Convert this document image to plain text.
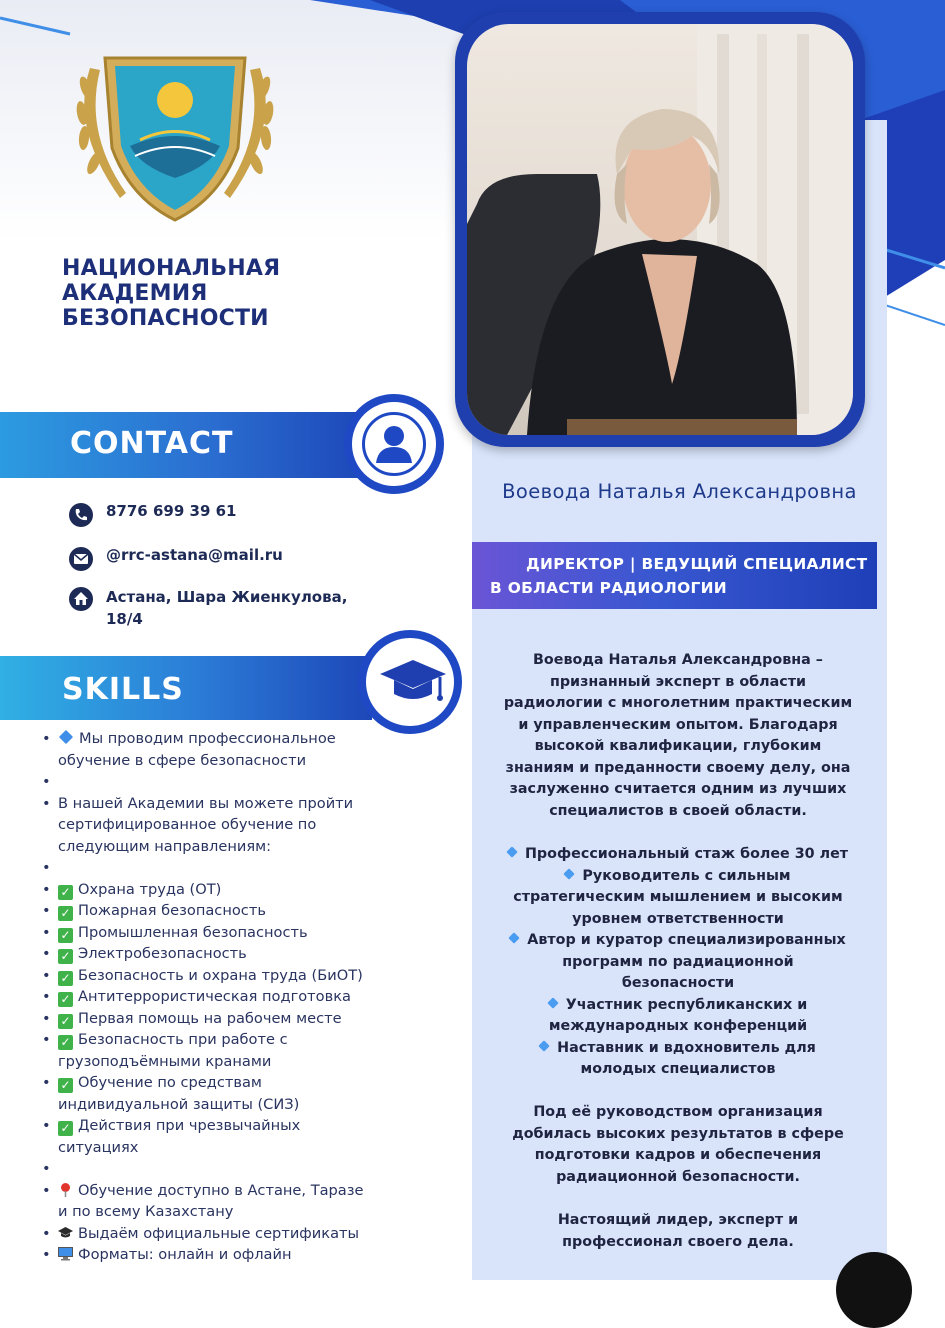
НАЦИОНАЛЬНАЯ
АКАДЕМИЯ
БЕЗОПАСНОСТИ
CONTACT
8776 699 39 61
@rrc-astana@mail.ru
Астана, Шара Жиенкулова,
18/4
SKILLS
• Мы проводим профессиональное
обучение в сфере безопасности
•
• В нашей Академии вы можете пройти
сертифицированное обучение по
следующим направлениям:
•
• ✓ Охрана труда (ОТ)
• ✓ Пожарная безопасность
• ✓ Промышленная безопасность
• ✓ Электробезопасность
• ✓ Безопасность и охрана труда (БиОТ)
• ✓ Антитеррористическая подготовка
• ✓ Первая помощь на рабочем месте
• ✓ Безопасность при работе с
грузоподъёмными кранами
• ✓ Обучение по средствам
индивидуальной защиты (СИЗ)
• ✓ Действия при чрезвычайных
ситуациях
•
• Обучение доступно в Астане, Таразе
и по всему Казахстану
• Выдаём официальные сертификаты
• Форматы: онлайн и офлайн
Воевода Наталья Александровна
ДИРЕКТОР | ВЕДУЩИЙ СПЕЦИАЛИСТ
В ОБЛАСТИ РАДИОЛОГИИ
Воевода Наталья Александровна –
признанный эксперт в области
радиологии с многолетним практическим
и управленческим опытом. Благодаря
высокой квалификации, глубоким
знаниям и преданности своему делу, она
заслуженно считается одним из лучших
специалистов в своей области.
Профессиональный стаж более 30 лет
Руководитель с сильным
стратегическим мышлением и высоким
уровнем ответственности
Автор и куратор специализированных
программ по радиационной
безопасности
Участник республиканских и
международных конференций
Наставник и вдохновитель для
молодых специалистов
Под её руководством организация
добилась высоких результатов в сфере
подготовки кадров и обеспечения
радиационной безопасности.
Настоящий лидер, эксперт и
профессионал своего дела.
